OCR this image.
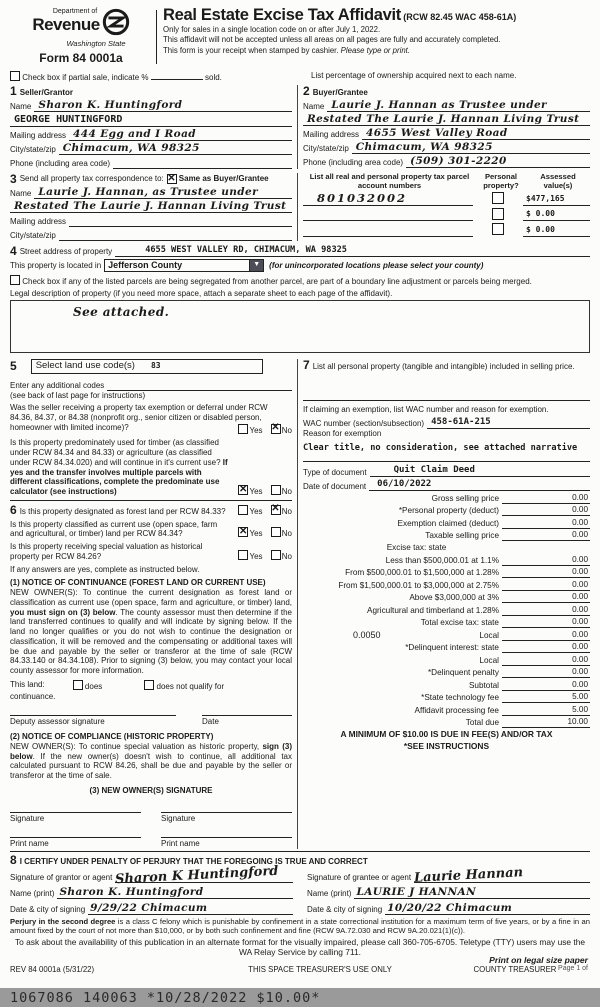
Department of
Revenue
Washington State
Form 84 0001a
Real Estate Excise Tax Affidavit (RCW 82.45 WAC 458-61A)
Only for sales in a single location code on or after July 1, 2022.
This affidavit will not be accepted unless all areas on all pages are fully and accurately completed.
This form is your receipt when stamped by cashier. Please type or print.
Check box if partial sale, indicate %	sold.	List percentage of ownership acquired next to each name.
1 Seller/Grantor
Name Sharon K. Huntingford
GEORGE HUNTINGFORD
Mailing address 444 Egg and I Road
City/state/zip Chimacum, WA 98325
Phone (including area code)
2 Buyer/Grantee
Name Laurie J. Hannan as Trustee under
Restated The Laurie J. Hannan Living Trust
Mailing address 4655 West Valley Road
City/state/zip Chimacum, WA 98325
Phone (including area code) (509) 301-2220
3 Send all property tax correspondence to: ✕ Same as Buyer/Grantee
Name Laurie J. Hannan, as Trustee under
Restated The Laurie J. Hannan Living Trust
Mailing address
City/state/zip
List all real and personal property tax parcel account numbers
Personal property?
Assessed value(s)
801032002	$477,165
$ 0.00
$ 0.00
4 Street address of property	4655 WEST VALLEY RD, CHIMACUM, WA 98325
This property is located in Jefferson County	▼	(for unincorporated locations please select your county)
Check box if any of the listed parcels are being segregated from another parcel, are part of a boundary line adjustment or parcels being merged.
Legal description of property (if you need more space, attach a separate sheet to each page of the affidavit).
See attached.
5 Select land use code(s) 83
Enter any additional codes
(see back of last page for instructions)
Was the seller receiving a property tax exemption or deferral under RCW 84.36, 84.37, or 84.38 (nonprofit org., senior citizen or disabled person, homeowner with limited income)?	Yes ✕ No
Is this property predominately used for timber (as classified under RCW 84.34 and 84.33) or agriculture (as classified under RCW 84.34.020) and will continue in it's current use? If yes and the transfer involves multiple parcels with different classifications, complete the predominate use calculator (see instructions) ✕	Yes No
6 Is this property designated as forest land per RCW 84.33?	Yes ✕ No
Is this property classified as current use (open space, farm and agricultural, or timber) land per RCW 84.34? ✕	Yes No
Is this property receiving special valuation as historical property per RCW 84.26?	Yes No
If any answers are yes, complete as instructed below.
(1) NOTICE OF CONTINUANCE (FOREST LAND OR CURRENT USE)
NEW OWNER(S): To continue the current designation as forest land or classification as current use (open space, farm and agriculture, or timber) land, you must sign on (3) below. The county assessor must then determine if the land transferred continues to qualify and will indicate by signing below. If the land no longer qualifies or you do not wish to continue the designation or classification, it will be removed and the compensating or additional taxes will be due and payable by the seller or transferor at the time of sale (RCW 84.33.140 or 84.34.108). Prior to signing (3) below, you may contact your local county assessor for more information.
This land:	does	does not qualify for
continuance.
Deputy assessor signature	Date
(2) NOTICE OF COMPLIANCE (HISTORIC PROPERTY)
NEW OWNER(S): To continue special valuation as historic property, sign (3) below. If the new owner(s) doesn't wish to continue, all additional tax calculated pursuant to RCW 84.26, shall be due and payable by the seller or transferor at the time of sale.
(3) NEW OWNER(S) SIGNATURE
Signature	Signature
Print name	Print name
7 List all personal property (tangible and intangible) included in selling price.
If claiming an exemption, list WAC number and reason for exemption.
WAC number (section/subsection) 458-61A-215
Reason for exemption
Clear title, no consideration, see attached narrative
Type of document	Quit Claim Deed
Date of document	06/10/2022
Gross selling price	0.00
*Personal property (deduct)	0.00
Exemption claimed (deduct)	0.00
Taxable selling price	0.00
Excise tax: state
Less than $500,000.01 at 1.1%	0.00
From $500,000.01 to $1,500,000 at 1.28%	0.00
From $1,500,000.01 to $3,000,000 at 2.75%	0.00
Above $3,000,000 at 3%	0.00
Agricultural and timberland at 1.28%	0.00
Total excise tax: state	0.00
0.0050	Local	0.00
*Delinquent interest: state	0.00
Local	0.00
*Delinquent penalty	0.00
Subtotal	0.00
*State technology fee	5.00
Affidavit processing fee	5.00
Total due	10.00
A MINIMUM OF $10.00 IS DUE IN FEE(S) AND/OR TAX
*SEE INSTRUCTIONS
8 I CERTIFY UNDER PENALTY OF PERJURY THAT THE FOREGOING IS TRUE AND CORRECT
Signature of grantor or agent Sharon K Huntingford
Name (print) Sharon K. Huntingford
Date & city of signing 9/29/22 Chimacum
Signature of grantee or agent Laurie Hannan
Name (print) LAURIE J HANNAN
Date & city of signing 10/20/22 Chimacum
Perjury in the second degree is a class C felony which is punishable by confinement in a state correctional institution for a maximum term of five years, or by a fine in an amount fixed by the court of not more than $10,000, or by both such confinement and fine (RCW 9A.72.030 and RCW 9A.20.021(1)(c)).
To ask about the availability of this publication in an alternate format for the visually impaired, please call 360-705-6705. Teletype (TTY) users may use the WA Relay Service by calling 711.
REV 84 0001a (5/31/22)	THIS SPACE TREASURER'S USE ONLY	COUNTY TREASURER
1067086 140063 *10/28/2022 $10.00*
Print on legal size paper
Page 1 of
